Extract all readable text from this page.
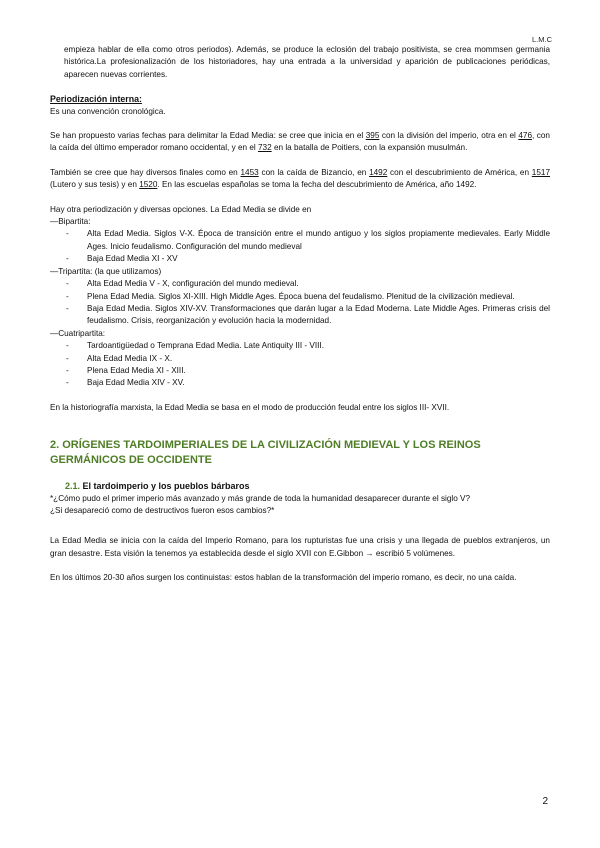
L.M.C

empieza hablar de ella como otros periodos). Además, se produce la eclosión del trabajo positivista, se crea mommsen germania histórica.La profesionalización de los historiadores, hay una entrada a la universidad y aparición de publicaciones periódicas, aparecen nuevas corrientes.

Periodización interna:

Es una convención cronológica.

Se han propuesto varias fechas para delimitar la Edad Media: se cree que inicia en el 395 con la división del imperio, otra en el 476, con la caída del último emperador romano occidental, y en el 732 en la batalla de Poitiers, con la expansión musulmán.

También se cree que hay diversos finales como en 1453 con la caída de Bizancio, en 1492 con el descubrimiento de América, en 1517 (Lutero y sus tesis) y en 1520. En las escuelas españolas se toma la fecha del descubrimiento de América, año 1492.

Hay otra periodización y diversas opciones. La Edad Media se divide en

—Bipartita:

- Alta Edad Media. Siglos V-X. Época de transición entre el mundo antiguo y los siglos propiamente medievales. Early Middle Ages. Inicio feudalismo. Configuración del mundo medieval
- Baja Edad Media XI - XV

—Tripartita: (la que utilizamos)

- Alta Edad Media V - X, configuración del mundo medieval.
- Plena Edad Media. Siglos XI-XIII. High Middle Ages. Época buena del feudalismo. Plenitud de la civilización medieval.
- Baja Edad Media. Siglos XIV-XV. Transformaciones que darán lugar a la Edad Moderna. Late Middle Ages. Primeras crisis del feudalismo. Crisis, reorganización y evolución hacia la modernidad.

—Cuatripartita:

- Tardoantigüedad o Temprana Edad Media. Late Antiquity III - VIII.
- Alta Edad Media IX - X.
- Plena Edad Media XI - XIII.
- Baja Edad Media XIV - XV.

En la historiografía marxista, la Edad Media se basa en el modo de producción feudal entre los siglos III- XVII.

2. ORÍGENES TARDOIMPERIALES DE LA CIVILIZACIÓN MEDIEVAL Y LOS REINOS GERMÁNICOS DE OCCIDENTE
2.1. El tardoimperio y los pueblos bárbaros

*¿Cómo pudo el primer imperio más avanzado y más grande de toda la humanidad desaparecer durante el siglo V?

¿Si desapareció como de destructivos fueron esos cambios?*

La Edad Media se inicia con la caída del Imperio Romano, para los rupturistas fue una crisis y una llegada de pueblos extranjeros, un gran desastre. Esta visión la tenemos ya establecida desde el siglo XVII con E.Gibbon → escribió 5 volúmenes.

En los últimos 20-30 años surgen los continuistas: estos hablan de la transformación del imperio romano, es decir, no una caída.

2
